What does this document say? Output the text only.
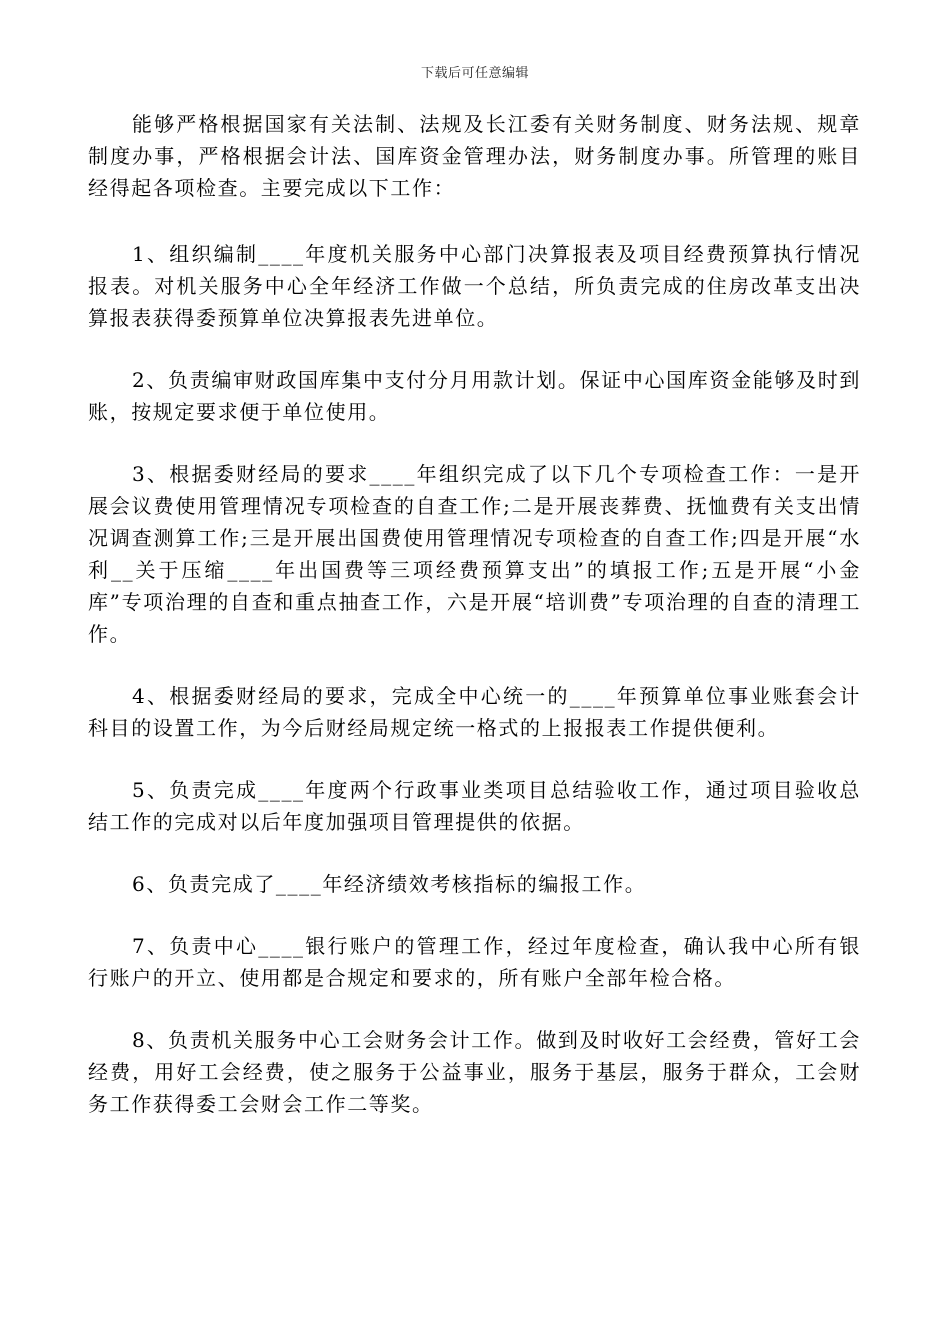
下载后可任意编辑

能够严格根据国家有关法制、法规及长江委有关财务制度、财务法规、规章制度办事，严格根据会计法、国库资金管理办法，财务制度办事。所管理的账目经得起各项检查。主要完成以下工作：

1、组织编制____年度机关服务中心部门决算报表及项目经费预算执行情况报表。对机关服务中心全年经济工作做一个总结，所负责完成的住房改革支出决算报表获得委预算单位决算报表先进单位。

2、负责编审财政国库集中支付分月用款计划。保证中心国库资金能够及时到账，按规定要求便于单位使用。

3、根据委财经局的要求____年组织完成了以下几个专项检查工作：一是开展会议费使用管理情况专项检查的自查工作;二是开展丧葬费、抚恤费有关支出情况调查测算工作;三是开展出国费使用管理情况专项检查的自查工作;四是开展“水利__关于压缩____年出国费等三项经费预算支出”的填报工作;五是开展“小金库”专项治理的自查和重点抽查工作，六是开展“培训费”专项治理的自查的清理工作。

4、根据委财经局的要求，完成全中心统一的____年预算单位事业账套会计科目的设置工作，为今后财经局规定统一格式的上报报表工作提供便利。

5、负责完成____年度两个行政事业类项目总结验收工作，通过项目验收总结工作的完成对以后年度加强项目管理提供的依据。

6、负责完成了____年经济绩效考核指标的编报工作。

7、负责中心____银行账户的管理工作，经过年度检查，确认我中心所有银行账户的开立、使用都是合规定和要求的，所有账户全部年检合格。

8、负责机关服务中心工会财务会计工作。做到及时收好工会经费，管好工会经费，用好工会经费，使之服务于公益事业，服务于基层，服务于群众，工会财务工作获得委工会财会工作二等奖。
